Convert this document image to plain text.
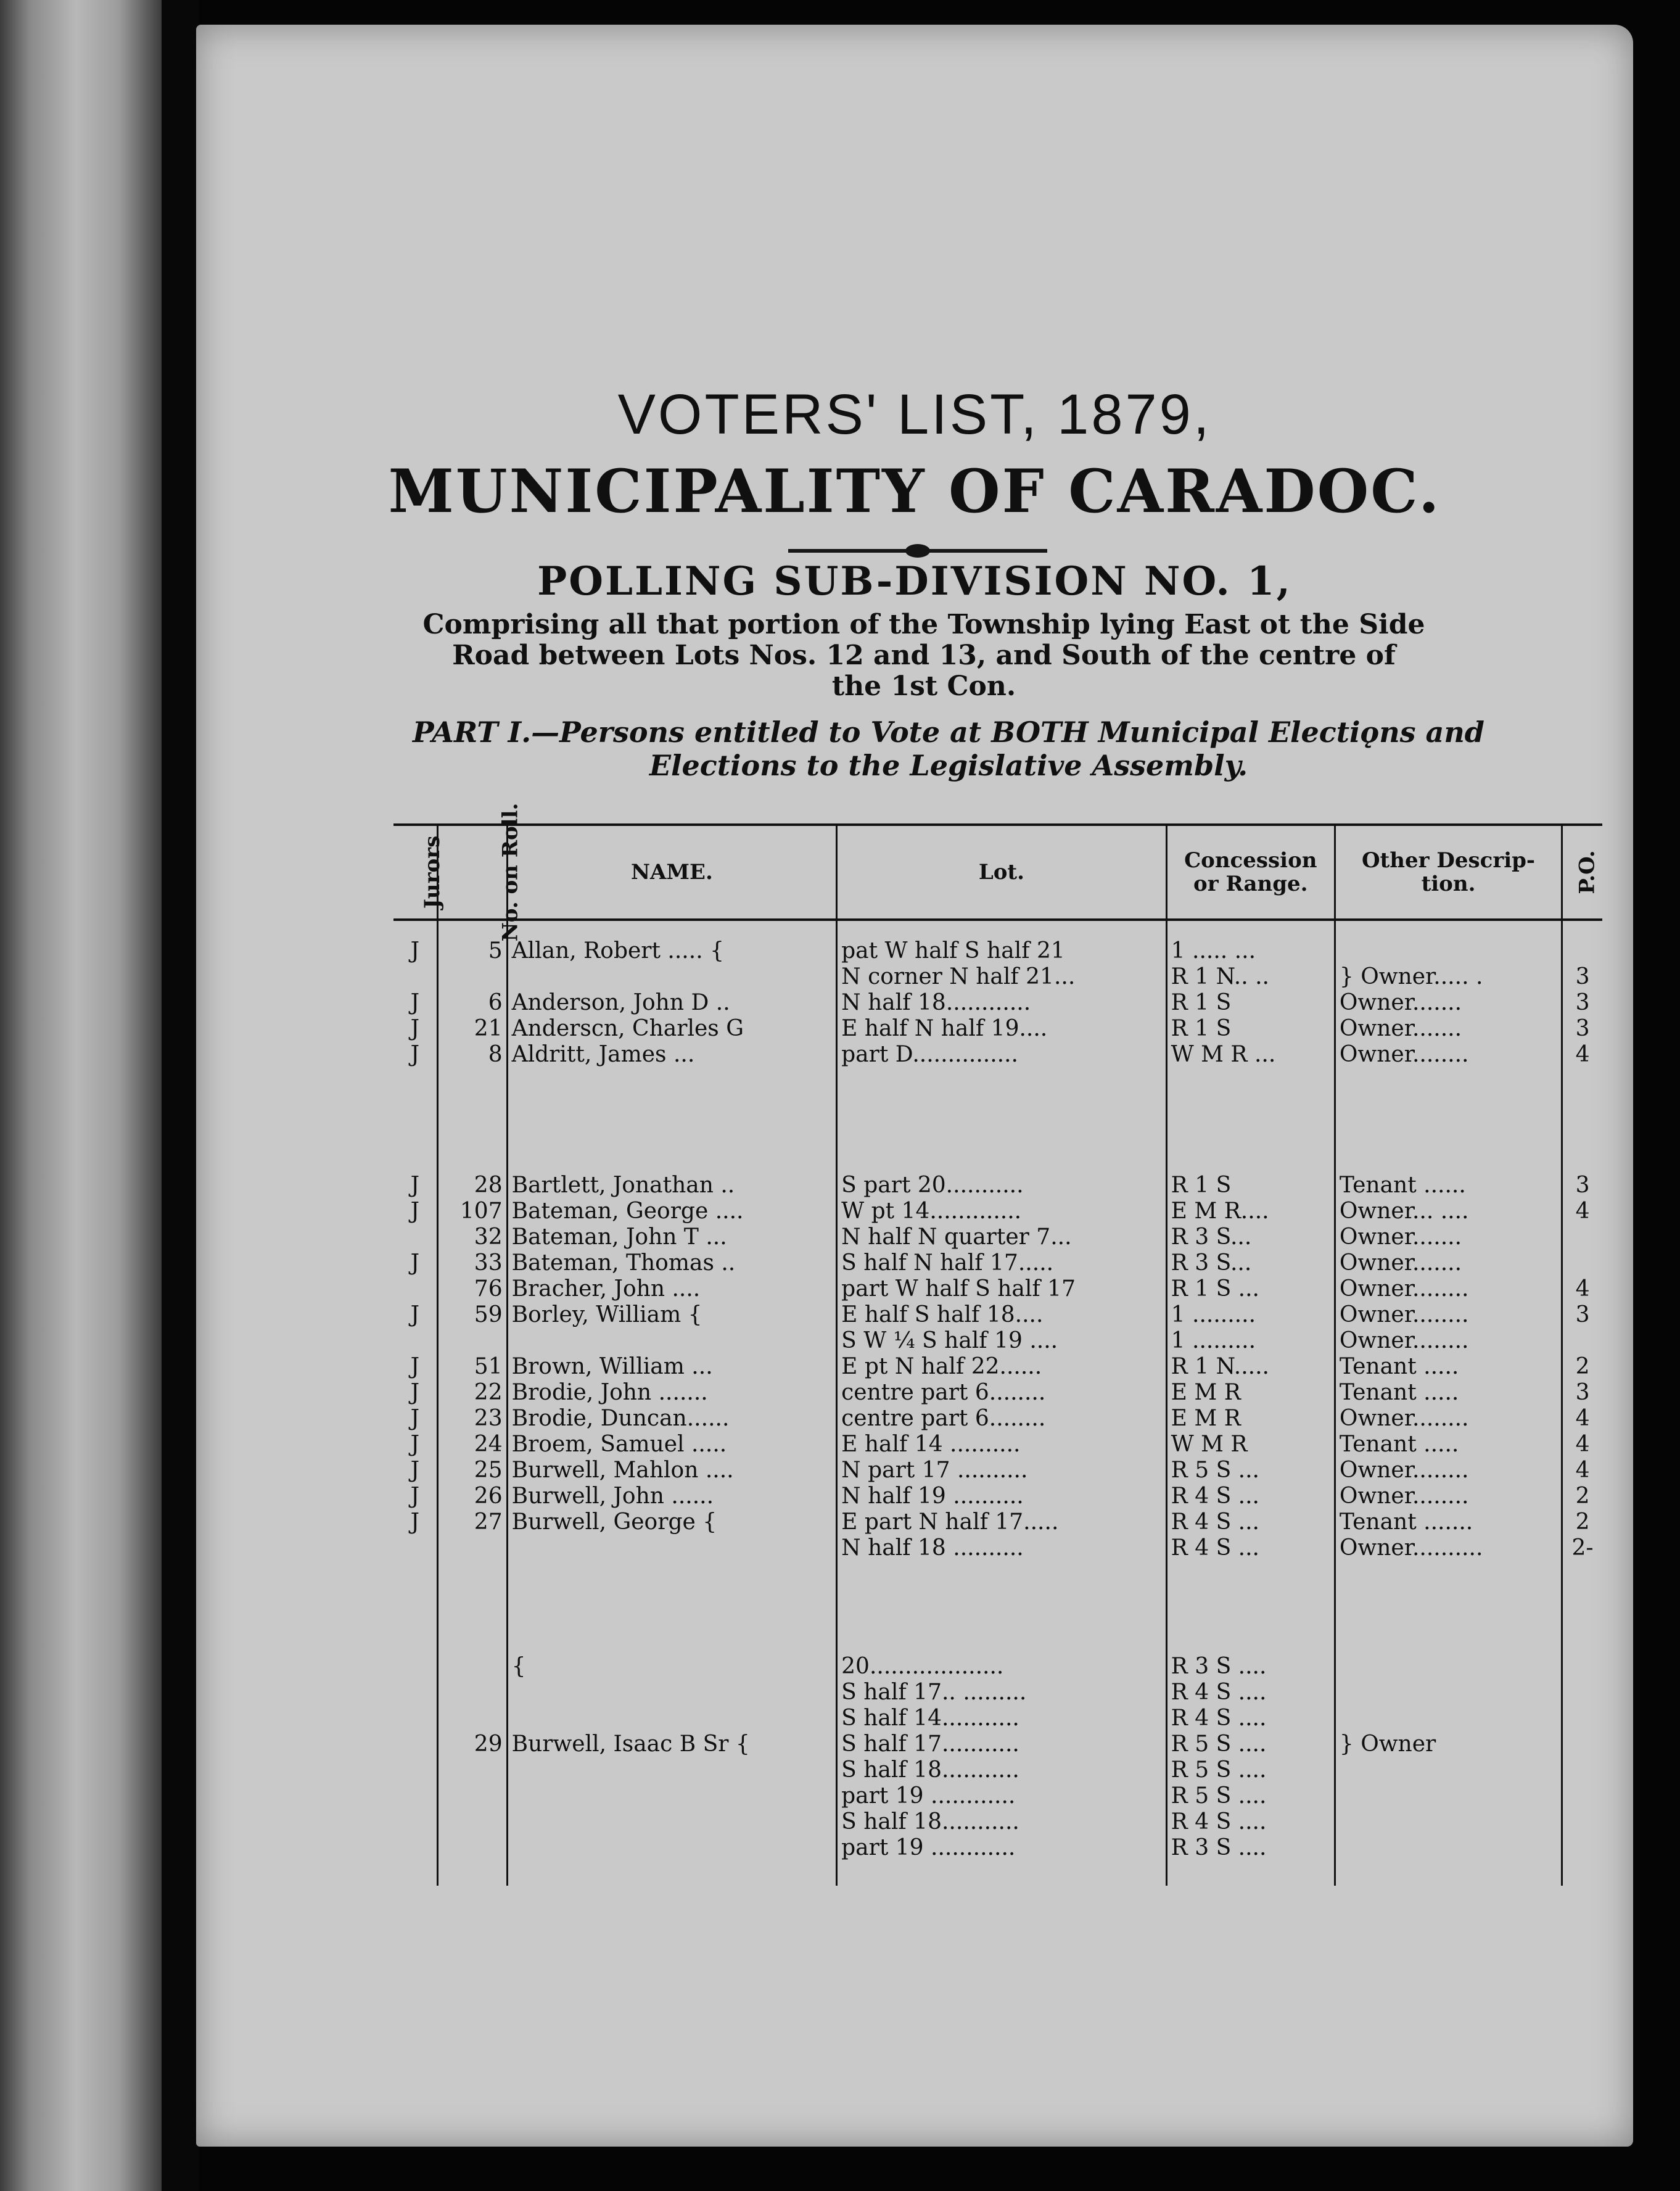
VOTERS' LIST, 1879,
MUNICIPALITY OF CARADOC.
POLLING SUB-DIVISION NO. 1,
Comprising all that portion of the Township lying East ot the Side
Road between Lots Nos. 12 and 13, and South of the centre of
the 1st Con.
PART I.—Persons entitled to Vote at BOTH Municipal Electiǫns and
Elections to the Legislative Assembly.
Jurors	No. on Roll.	NAME.	Lot.	Concession or Range.	Other Descrip-tion.	P.O.
J	5	Allan, Robert ..... {	pat W half S half 21	1 ..... ...		
			N corner N half 21...	R 1 N.. ..	} Owner..... .	3
J	6	Anderson, John D ..	N half 18............	R 1 S	Owner.......	3
J	21	Anderscn, Charles G	E half N half 19....	R 1 S	Owner.......	3
J	8	Aldritt, James ...	part D...............	W M R ...	Owner........	4

J	28	Bartlett, Jonathan ..	S part 20...........	R 1 S	Tenant ......	3
J	107	Bateman, George ....	W pt 14.............	E M R....	Owner... ....	4
	32	Bateman, John T ...	N half N quarter 7...	R 3 S...	Owner.......	
J	33	Bateman, Thomas ..	S half N half 17.....	R 3 S...	Owner.......	
	76	Bracher, John ....	part W half S half 17	R 1 S ...	Owner........	4
J	59	Borley, William {	E half S half 18....	1 .........	Owner........	3
			S W ¼ S half 19 ....	1 .........	Owner........	
J	51	Brown, William ...	E pt N half 22......	R 1 N.....	Tenant .....	2
J	22	Brodie, John .......	centre part 6........	E M R	Tenant .....	3
J	23	Brodie, Duncan......	centre part 6........	E M R	Owner........	4
J	24	Broem, Samuel .....	E half 14 ..........	W M R	Tenant .....	4
J	25	Burwell, Mahlon ....	N part 17 ..........	R 5 S ...	Owner........	4
J	26	Burwell, John ......	N half 19 ..........	R 4 S ...	Owner........	2
J	27	Burwell, George {	E part N half 17.....	R 4 S ...	Tenant .......	2
			N half 18 ..........	R 4 S ...	Owner..........	2-

		{	20...................	R 3 S ....		
			S half 17.. .........	R 4 S ....		
			S half 14...........	R 4 S ....		
	29	Burwell, Isaac B Sr {	S half 17...........	R 5 S ....	} Owner	
			S half 18...........	R 5 S ....		
			part 19 ............	R 5 S ....		
			S half 18...........	R 4 S ....		
			part 19 ............	R 3 S ....		
